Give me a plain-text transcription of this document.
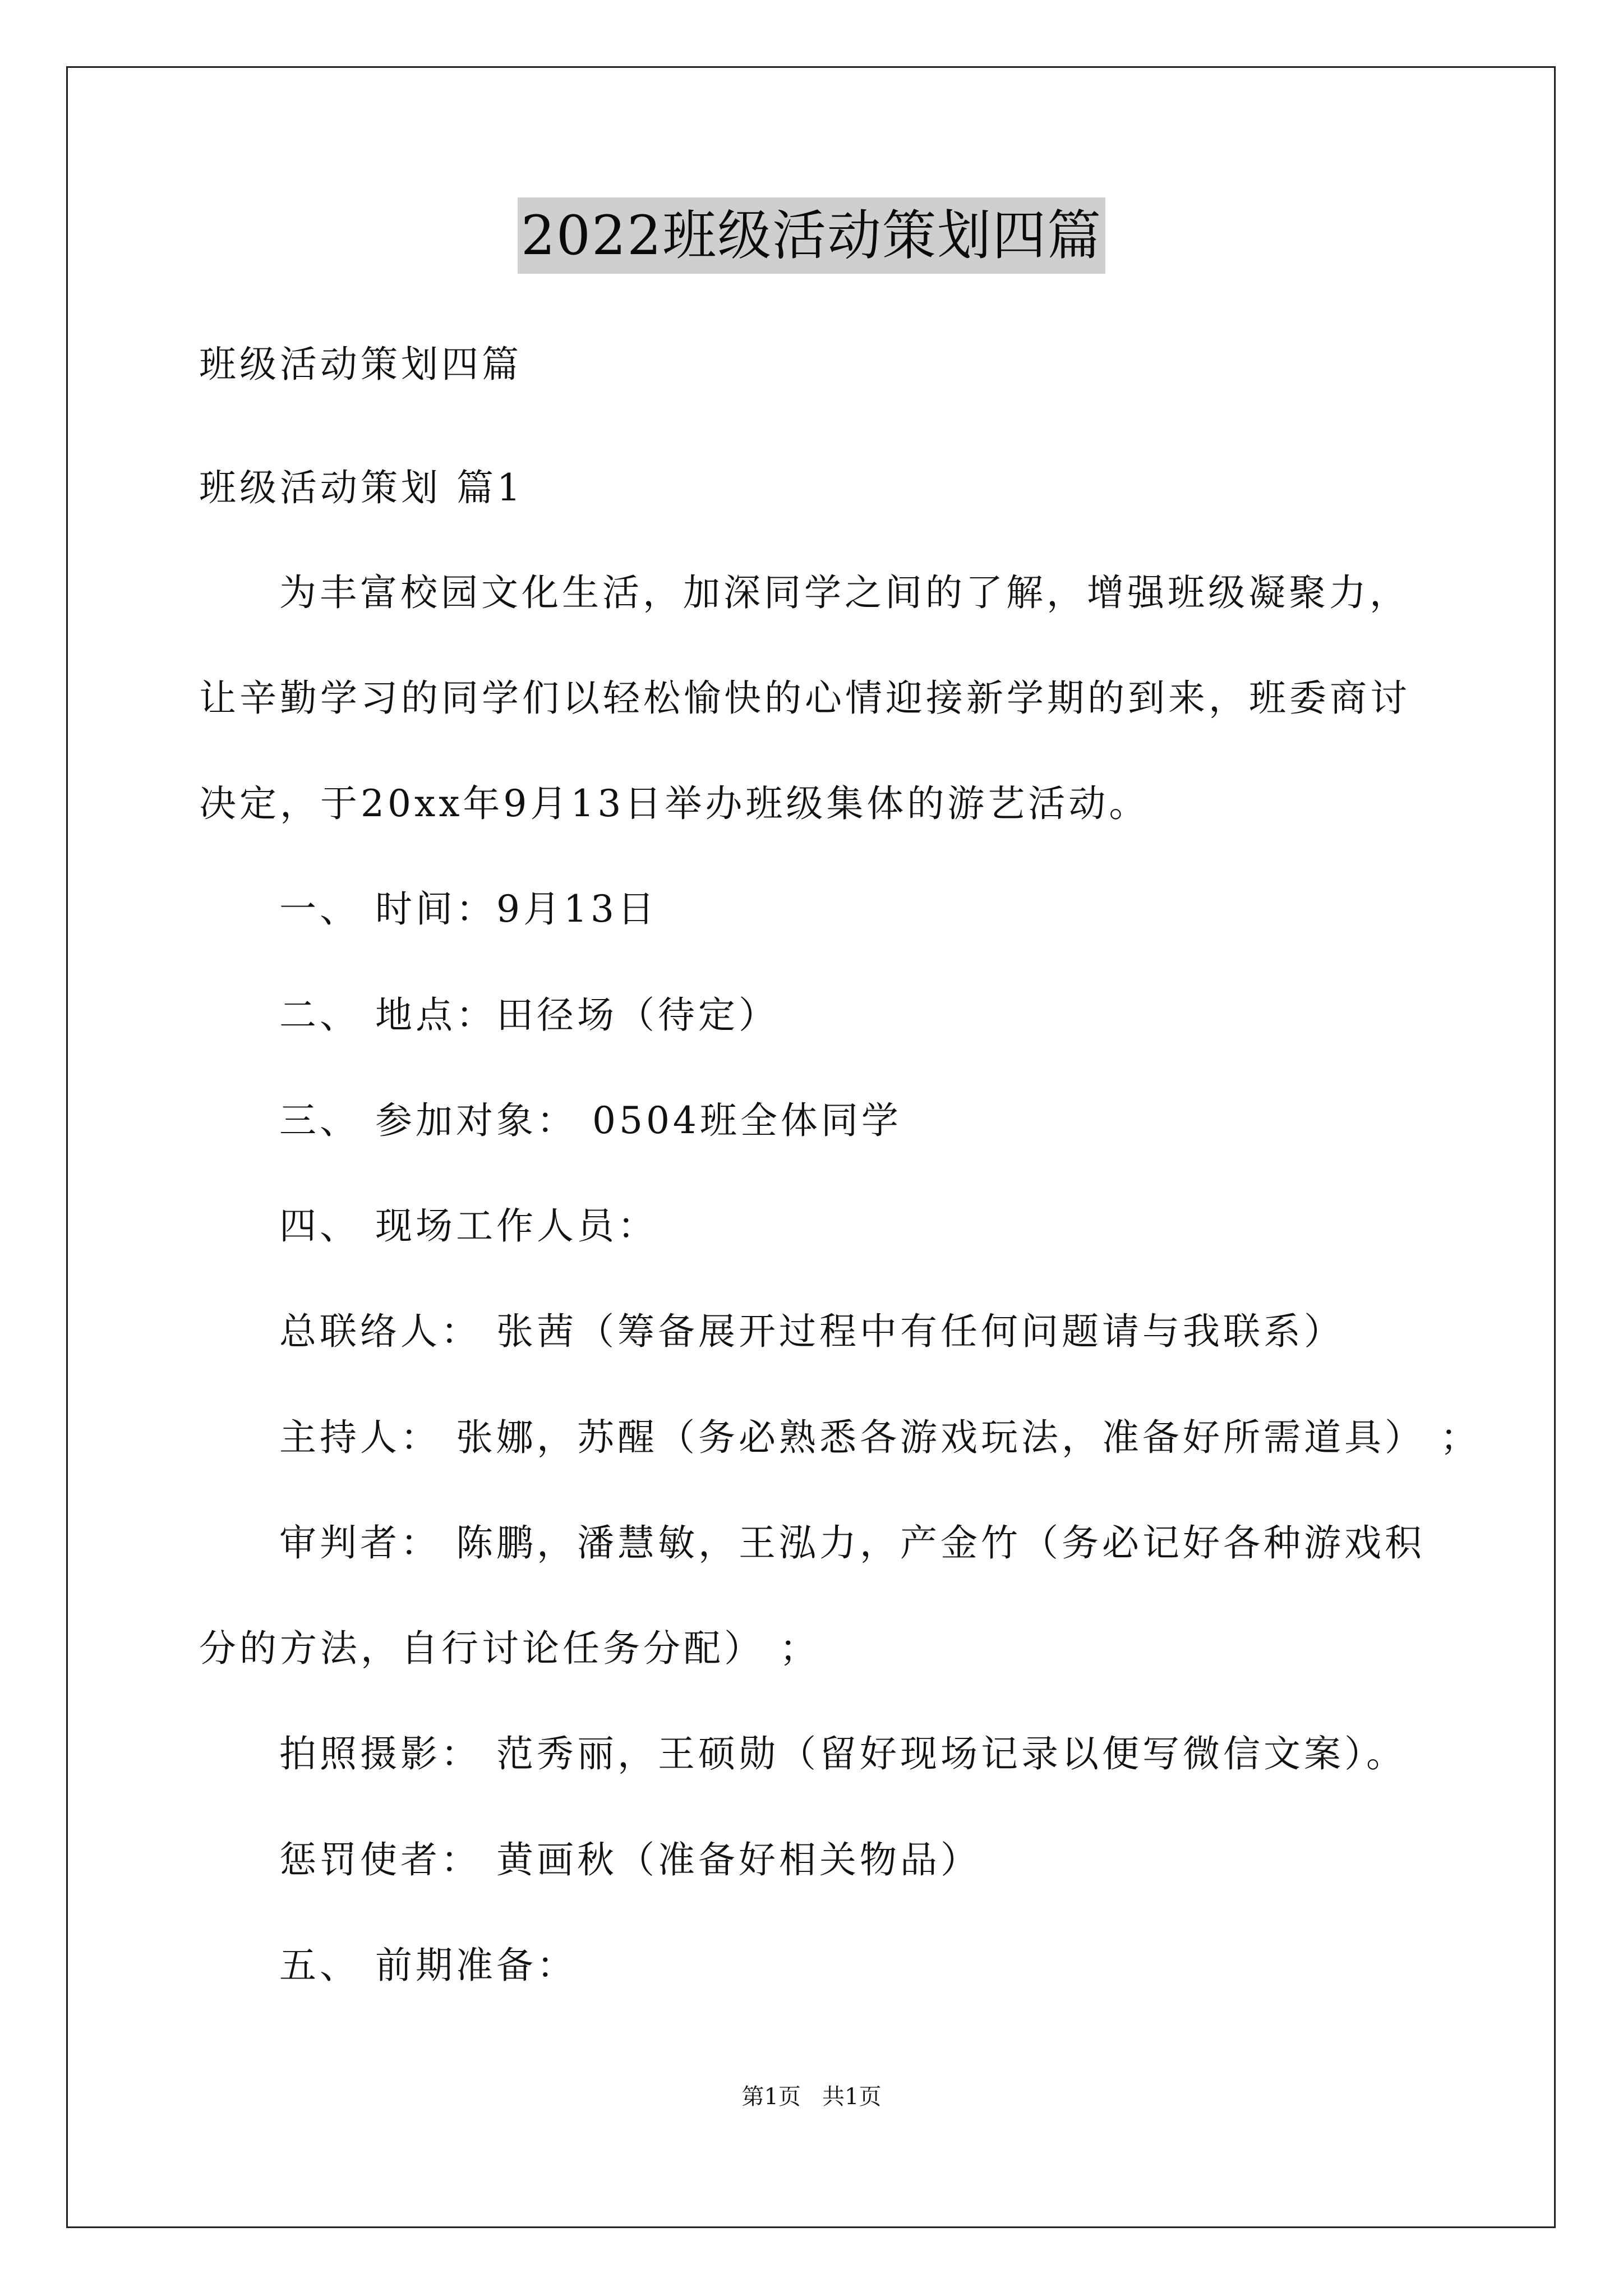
2022班级活动策划四篇
班级活动策划四篇
班级活动策划 篇1
为丰富校园文化生活，加深同学之间的了解，增强班级凝聚力，
让辛勤学习的同学们以轻松愉快的心情迎接新学期的到来，班委商讨
决定，于20xx年9月13日举办班级集体的游艺活动。
一、 时间：9月13日
二、 地点：田径场（待定）
三、 参加对象： 0504班全体同学
四、 现场工作人员：
总联络人： 张茜（筹备展开过程中有任何问题请与我联系）
主持人： 张娜，苏醒（务必熟悉各游戏玩法，准备好所需道具） ；
审判者： 陈鹏，潘慧敏，王泓力，产金竹（务必记好各种游戏积
分的方法，自行讨论任务分配） ；
拍照摄影： 范秀丽，王硕勋（留好现场记录以便写微信文案）。
惩罚使者： 黄画秋（准备好相关物品）
五、 前期准备：
第1页   共1页
